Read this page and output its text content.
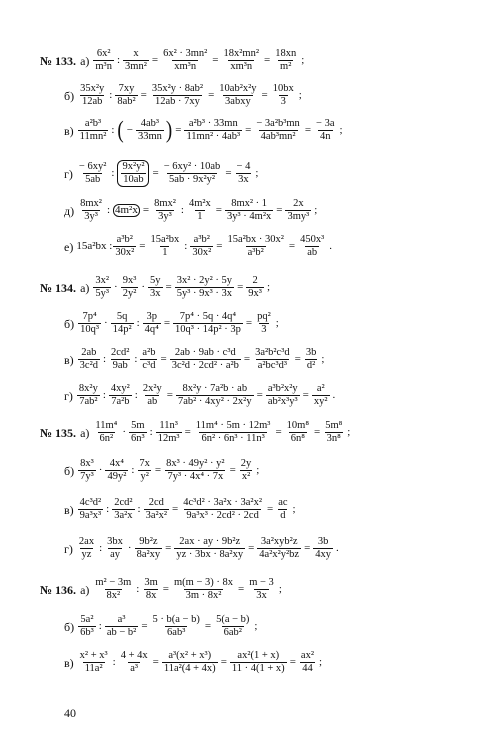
40
№ 133. $а) \frac{\text{6x²}}{\text{m³n}}$ : $\frac{x}{\text{3mn²}} = \frac{\text{6x² · 3mn²}}{\text{xm³n}} = \frac{\text{18x²mn²}}{\text{xm³n}} = \frac{18xn}{\text{m²}}$ ;
$б) \frac{\text{35x²y}}{12ab}$ : $\frac{7xy}{\text{8ab²}} = \frac{\text{35x²y · 8ab²}}{12ab \cdot 7xy} = \frac{\text{10ab²x²y}}{\text{3abxy}} = \frac{10bx}{3}$ ;
$в) \frac{\text{a²b³}}{\text{11mn²}}$ : ( − $\frac{\text{4ab³}}{33mn}$ ) = $\frac{\text{a²b³ · 33mn}}{\text{11mn² · 4ab³}} = \frac{\text{− 3a²b³mn}}{\text{4ab³mn²}} = \frac{- 3a}{4n}$ ;
$г) \frac{\text{− 6xy²}}{5ab}$ : $\frac{\text{9x²y²}}{10ab} = \frac{\text{− 6xy² · 10ab}}{\text{5ab · 9x²y²}} = \frac{- 4}{3x}$ ;
$д) \frac{\text{8mx²}}{\text{3y³}}$ : $4m^2x = \frac{\text{8mx²}}{\text{3y³}}$ : $\frac{\text{4m²x}}{1} = \frac{\text{8mx² · 1}}{\text{3y³ · 4m²x}} = \frac{2x}{\text{3my³}}$ ;
е) 15a²bx : $\frac{\text{a³b²}}{\text{30x²}} = \frac{\text{15a²bx}}{1}$ : $\frac{\text{a³b²}}{\text{30x²}} = \frac{\text{15a²bx · 30x²}}{\text{a³b²}} = \frac{\text{450x³}}{ab}$ .
№ 134. $а) \frac{\text{3x²}}{\text{5y³}} \cdot \frac{\text{9x³}}{\text{2y²}} \cdot \frac{5y}{3x} = \frac{\text{3x² · 2y² · 5y}}{\text{5y³ · 9x³ · 3x}} = \frac{2}{\text{9x³}}$ ;
$б) \frac{\text{7p⁴}}{\text{10q³}} \cdot \frac{5q}{\text{14p²}}$ : $\frac{3p}{\text{4q⁴}} = \frac{\text{7p⁴ · 5q · 4q⁴}}{\text{10q³ · 14p² · 3p}} = \frac{\text{pq²}}{3}$ ;
$в) \frac{2ab}{\text{3c²d}}$ : $\frac{\text{2cd²}}{9ab}$ : $\frac{\text{a²b}}{\text{c³d}} = \frac{\text{2ab · 9ab · c³d}}{\text{3c²d · 2cd² · a²b}} = \frac{\text{3a²b²c³d}}{\text{a²bc³d³}} = \frac{3b}{\text{d²}}$ ;
$г) \frac{\text{8x²y}}{\text{7ab²}}$ : $\frac{\text{4xy²}}{\text{7a²b}}$ : $\frac{\text{2x²y}}{ab} = \frac{\text{8x²y · 7a²b · ab}}{\text{7ab² · 4xy² · 2x²y}} = \frac{\text{a³b²x²y}}{\text{ab²x³y³}} = \frac{\text{a²}}{\text{xy²}}$ .
№ 135. $а) \frac{\text{11m⁴}}{\text{6n²}} \cdot \frac{5m}{\text{6n³}}$ : $\frac{\text{11n³}}{\text{12m³}} = \frac{\text{11m⁴ · 5m · 12m³}}{\text{6n² · 6n³ · 11n³}} = \frac{\text{10m⁸}}{\text{6n⁸}} = \frac{\text{5m⁸}}{\text{3n⁸}}$ ;
$б) \frac{\text{8x³}}{\text{7y³}} \cdot \frac{\text{4x⁴}}{\text{49y²}}$ : $\frac{7x}{\text{y²}} = \frac{\text{8x³ · 49y² · y²}}{\text{7y³ · 4x⁴ · 7x}} = \frac{2y}{\text{x²}}$ ;
$в) \frac{\text{4c³d²}}{\text{9a³x³}}$ : $\frac{\text{2cd²}}{\text{3a²x}}$ : $\frac{2cd}{\text{3a²x²}} = \frac{\text{4c³d² · 3a²x · 3a²x²}}{\text{9a³x³ · 2cd² · 2cd}} = \frac{ac}{d}$ ;
$г) \frac{2ax}{yz}$ : $\frac{3bx}{ay} \cdot \frac{\text{9b²z}}{\text{8a²xy}} = \frac{\text{2ax · ay · 9b²z}}{\text{yz · 3bx · 8a²xy}} = \frac{\text{3a²xyb²z}}{\text{4a²x²y²bz}} = \frac{3b}{4xy}$ .
№ 136. $а) \frac{\text{m² − 3m}}{\text{8x²}}$ : $\frac{3m}{8x} = \frac{m(m - 3) \cdot 8x}{\text{3m · 8x²}} = \frac{m - 3}{3x}$ ;
$б) \frac{\text{5a²}}{\text{6b³}}$ : $\frac{\text{a³}}{\text{ab − b²}} = \frac{5 \cdot b(a - b)}{\text{6ab³}} = \frac{5(a - b)}{\text{6ab²}}$ ;
$в) \frac{\text{x² + x³}}{\text{11a²}}$ : $\frac{4 + 4x}{\text{a³}} = \frac{\text{a³(x² + x³)}}{\text{11a²(4 + 4x)}} = \frac{\text{ax²(1 + x)}}{11 \cdot 4(1 + x)} = \frac{\text{ax²}}{44}$ ;
